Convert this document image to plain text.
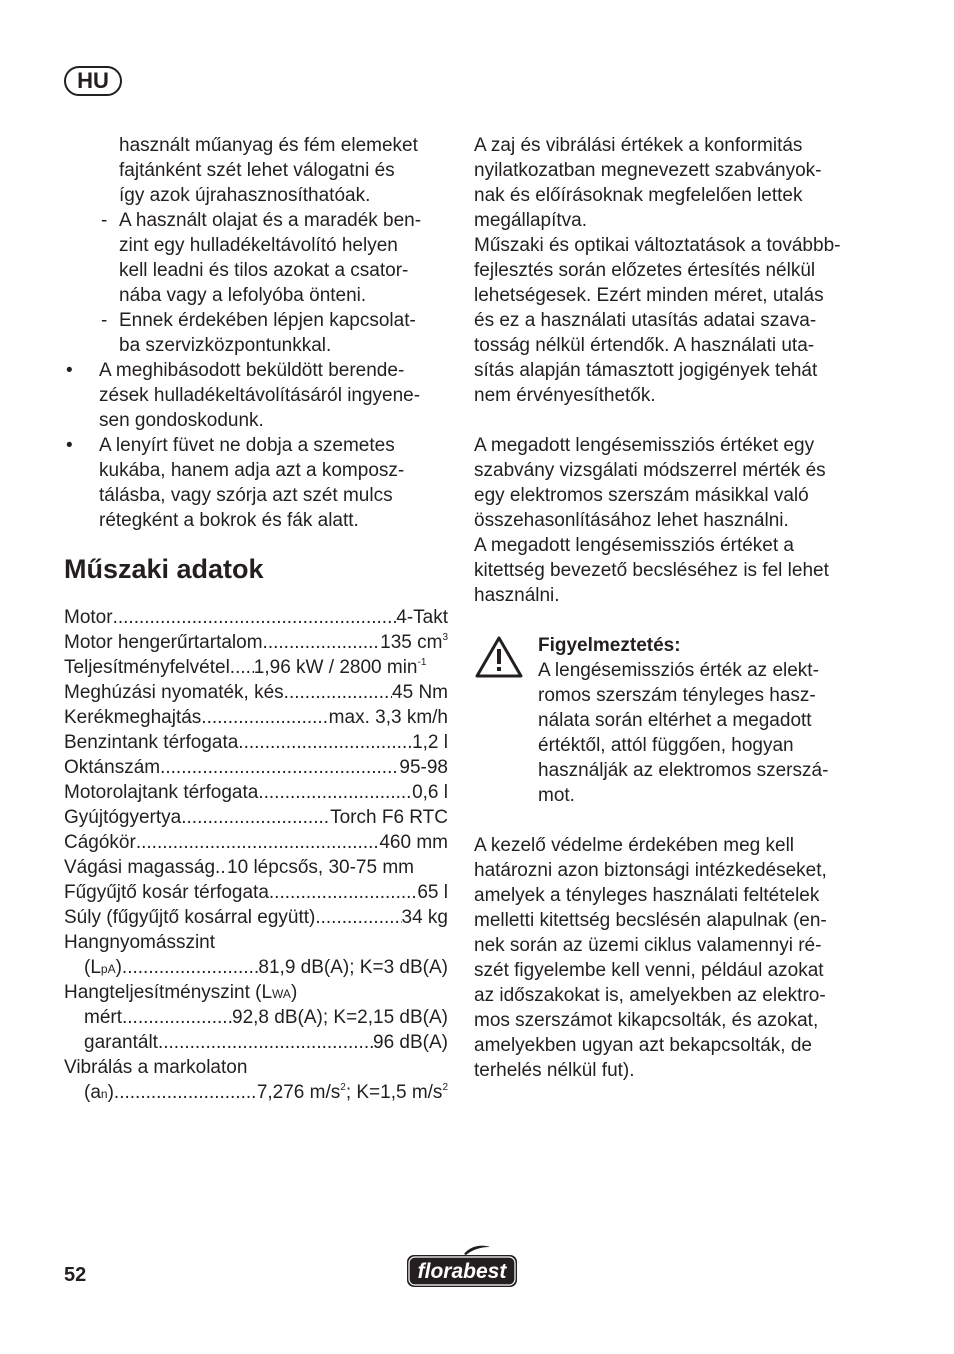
HU
használt műanyag és fém elemeket
fajtánként szét lehet válogatni és
így azok újrahasznosíthatóak.
- A használt olajat és a maradék ben-
zint egy hulladékeltávolító helyen
kell leadni és tilos azokat a csator-
nába vagy a lefolyóba önteni.
- Ennek érdekében lépjen kapcsolat-
ba szervizközpontunkkal.
• A meghibásodott beküldött berende-
zések hulladékeltávolításáról ingyene-
sen gondoskodunk.
• A lenyírt füvet ne dobja a szemetes
kukába, hanem adja azt a komposz-
tálásba, vagy szórja azt szét mulcs
rétegként a bokrok és fák alatt.
Műszaki adatok
Motor .....	4-Takt
Motor hengerűrtartalom .....	135 $cm^3$
Teljesítményfelvétel ..... 1,96 kW / 2800 $\min^{-1}$
Meghúzási nyomaték, kés .....	45 Nm
Kerékmeghajtás .....	max. 3,3 km/h
Benzintank térfogata .....	1,2 l
Oktánszám .....	95-98
Motorolajtank térfogata .....	0,6 l
Gyújtógyertya .....	Torch F6 RTC
Cágókör .....	460 mm
Vágási magasság ..... 10 lépcsős, 30-75 mm
Fűgyűjtő kosár térfogata .....	65 l
Súly (fűgyűjtő kosárral együtt) .....	34 kg
Hangnyomásszint
(LpA) .....	81,9 dB(A); K=3 dB(A)
Hangteljesítményszint (LWA)
mért .....	92,8 dB(A); K=2,15 dB(A)
garantált .....	96 dB(A)
Vibrálás a markolaton
(an) .....	7,276 $m/s^2$; K=1,5 $m/s^2$
A zaj és vibrálási értékek a konformitás
nyilatkozatban megnevezett szabványok-
nak és előírásoknak megfelelően lettek
megállapítva.
Műszaki és optikai változtatások a továbbb-
fejlesztés során előzetes értesítés nélkül
lehetségesek. Ezért minden méret, utalás
és ez a használati utasítás adatai szava-
tosság nélkül értendők. A használati uta-
sítás alapján támasztott jogigények tehát
nem érvényesíthetők.
A megadott lengésemissziós értéket egy
szabvány vizsgálati módszerrel mérték és
egy elektromos szerszám másikkal való
összehasonlításához lehet használni.
A megadott lengésemissziós értéket a
kitettség bevezető becsléséhez is fel lehet
használni.
Figyelmeztetés:
A lengésemissziós érték az elekt-
romos szerszám tényleges hasz-
nálata során eltérhet a megadott
értéktől, attól függően, hogyan
használják az elektromos szerszá-
mot.
A kezelő védelme érdekében meg kell
határozni azon biztonsági intézkedéseket,
amelyek a tényleges használati feltételek
melletti kitettség becslésén alapulnak (en-
nek során az üzemi ciklus valamennyi ré-
szét figyelembe kell venni, például azokat
az időszakokat is, amelyekben az elektro-
mos szerszámot kikapcsolták, és azokat,
amelyekben ugyan azt bekapcsolták, de
terhelés nélkül fut).
52	florabest
